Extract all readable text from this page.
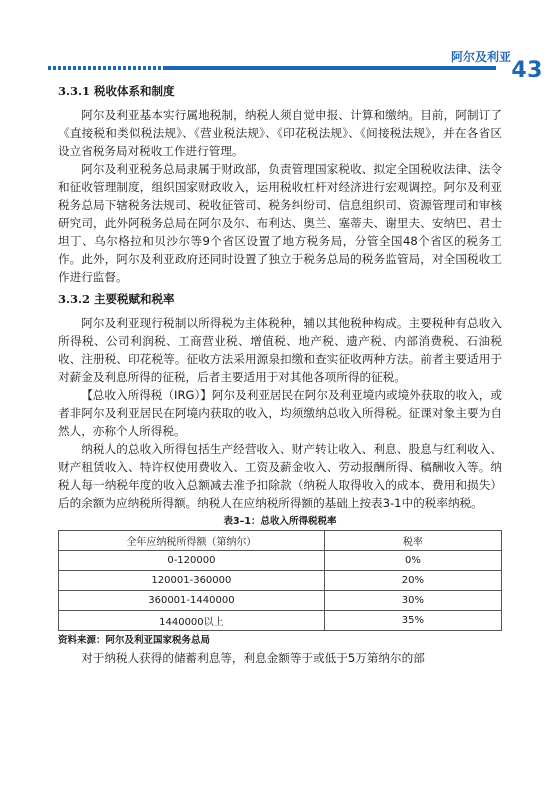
阿尔及利亚
43
3.3.1 税收体系和制度

阿尔及利亚基本实行属地税制，纳税人须自觉申报、计算和缴纳。目前，阿制订了《直接税和类似税法规》、《营业税法规》、《印花税法规》、《间接税法规》，并在各省区设立省税务局对税收工作进行管理。

阿尔及利亚税务总局隶属于财政部，负责管理国家税收、拟定全国税收法律、法令和征收管理制度，组织国家财政收入，运用税收杠杆对经济进行宏观调控。阿尔及利亚税务总局下辖税务法规司、税收征管司、税务纠纷司、信息组织司、资源管理司和审核研究司，此外阿税务总局在阿尔及尔、布利达、奥兰、塞蒂夫、谢里夫、安纳巴、君士坦丁、乌尔格拉和贝沙尔等9个省区设置了地方税务局，分管全国48个省区的税务工作。此外，阿尔及利亚政府还同时设置了独立于税务总局的税务监管局，对全国税收工作进行监督。

3.3.2 主要税赋和税率

阿尔及利亚现行税制以所得税为主体税种，辅以其他税种构成。主要税种有总收入所得税、公司利润税、工商营业税、增值税、地产税、遗产税、内部消费税、石油税收、注册税、印花税等。征收方法采用源泉扣缴和查实征收两种方法。前者主要适用于对薪金及利息所得的征税，后者主要适用于对其他各项所得的征税。

【总收入所得税（IRG）】阿尔及利亚居民在阿尔及利亚境内或境外获取的收入，或者非阿尔及利亚居民在阿境内获取的收入，均须缴纳总收入所得税。征课对象主要为自然人，亦称个人所得税。

纳税人的总收入所得包括生产经营收入、财产转让收入、利息、股息与红利收入、财产租赁收入、特许权使用费收入、工资及薪金收入、劳动报酬所得、稿酬收入等。纳税人每一纳税年度的收入总额减去准予扣除款（纳税人取得收入的成本、费用和损失）后的余额为应纳税所得额。纳税人在应纳税所得额的基础上按表3-1中的税率纳税。

表3–1：总收入所得税税率
全年应纳税所得额（第纳尔）	税率
0-120000	0%
120001-360000	20%
360001-1440000	30%
1440000以上	35%
资料来源：阿尔及利亚国家税务总局

对于纳税人获得的储蓄利息等，利息金额等于或低于5万第纳尔的部
